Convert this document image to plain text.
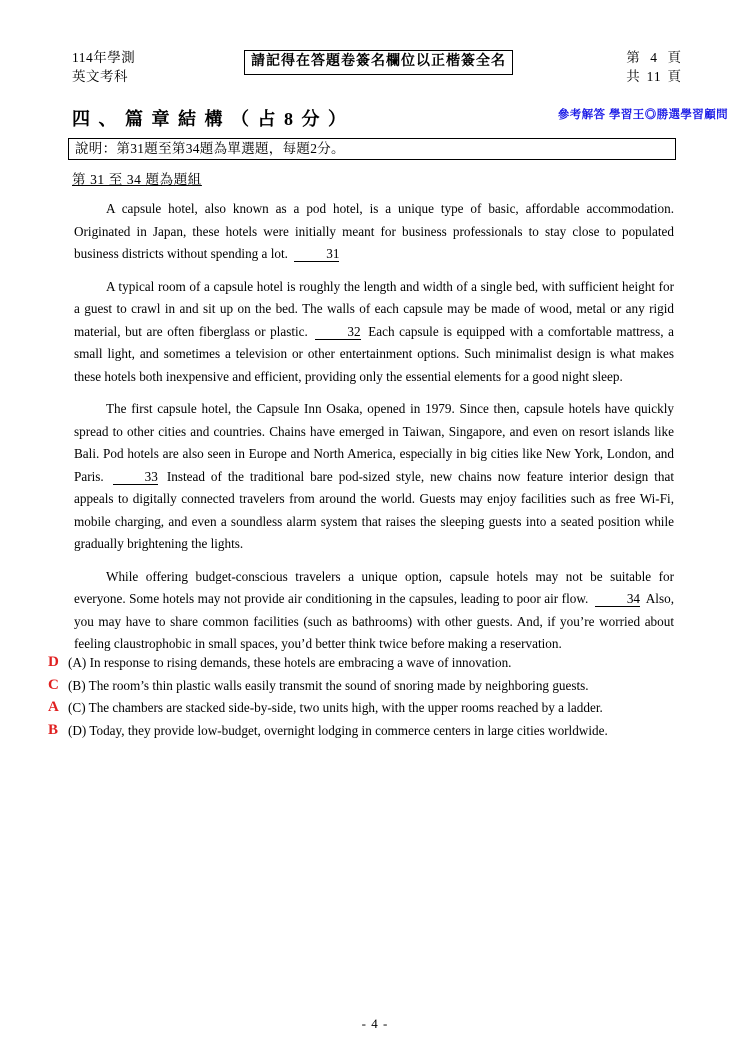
114年學測
英文考科
請記得在答題卷簽名欄位以正楷簽全名	第 4 頁
共 11 頁
四 、 篇 章 結 構 （ 占 8 分 ）	參考解答 學習王◎勝選學習顧問
說明：第31題至第34題為單選題，每題2分。
第 31 至 34 題為題組

A capsule hotel, also known as a pod hotel, is a unique type of basic, affordable accommodation. Originated in Japan, these hotels were initially meant for business professionals to stay close to populated business districts without spending a lot.	31

A typical room of a capsule hotel is roughly the length and width of a single bed, with sufficient height for a guest to crawl in and sit up on the bed. The walls of each capsule may be made of wood, metal or any rigid material, but are often fiberglass or plastic.	32 Each capsule is equipped with a comfortable mattress, a small light, and sometimes a television or other entertainment options. Such minimalist design is what makes these hotels both inexpensive and efficient, providing only the essential elements for a good night sleep.

The first capsule hotel, the Capsule Inn Osaka, opened in 1979. Since then, capsule hotels have quickly spread to other cities and countries. Chains have emerged in Taiwan, Singapore, and even on resort islands like Bali. Pod hotels are also seen in Europe and North America, especially in big cities like New York, London, and Paris.	33 Instead of the traditional bare pod-sized style, new chains now feature interior design that appeals to digitally connected travelers from around the world. Guests may enjoy facilities such as free Wi-Fi, mobile charging, and even a soundless alarm system that raises the sleeping guests into a seated position while gradually brightening the lights.

While offering budget-conscious travelers a unique option, capsule hotels may not be suitable for everyone. Some hotels may not provide air conditioning in the capsules, leading to poor air flow.	34 Also, you may have to share common facilities (such as bathrooms) with other guests. And, if you’re worried about feeling claustrophobic in small spaces, you’d better think twice before making a reservation.

D (A) In response to rising demands, these hotels are embracing a wave of innovation.
C (B) The room’s thin plastic walls easily transmit the sound of snoring made by neighboring guests.
A (C) The chambers are stacked side-by-side, two units high, with the upper rooms reached by a ladder.
B (D) Today, they provide low-budget, overnight lodging in commerce centers in large cities worldwide.
- 4 -
